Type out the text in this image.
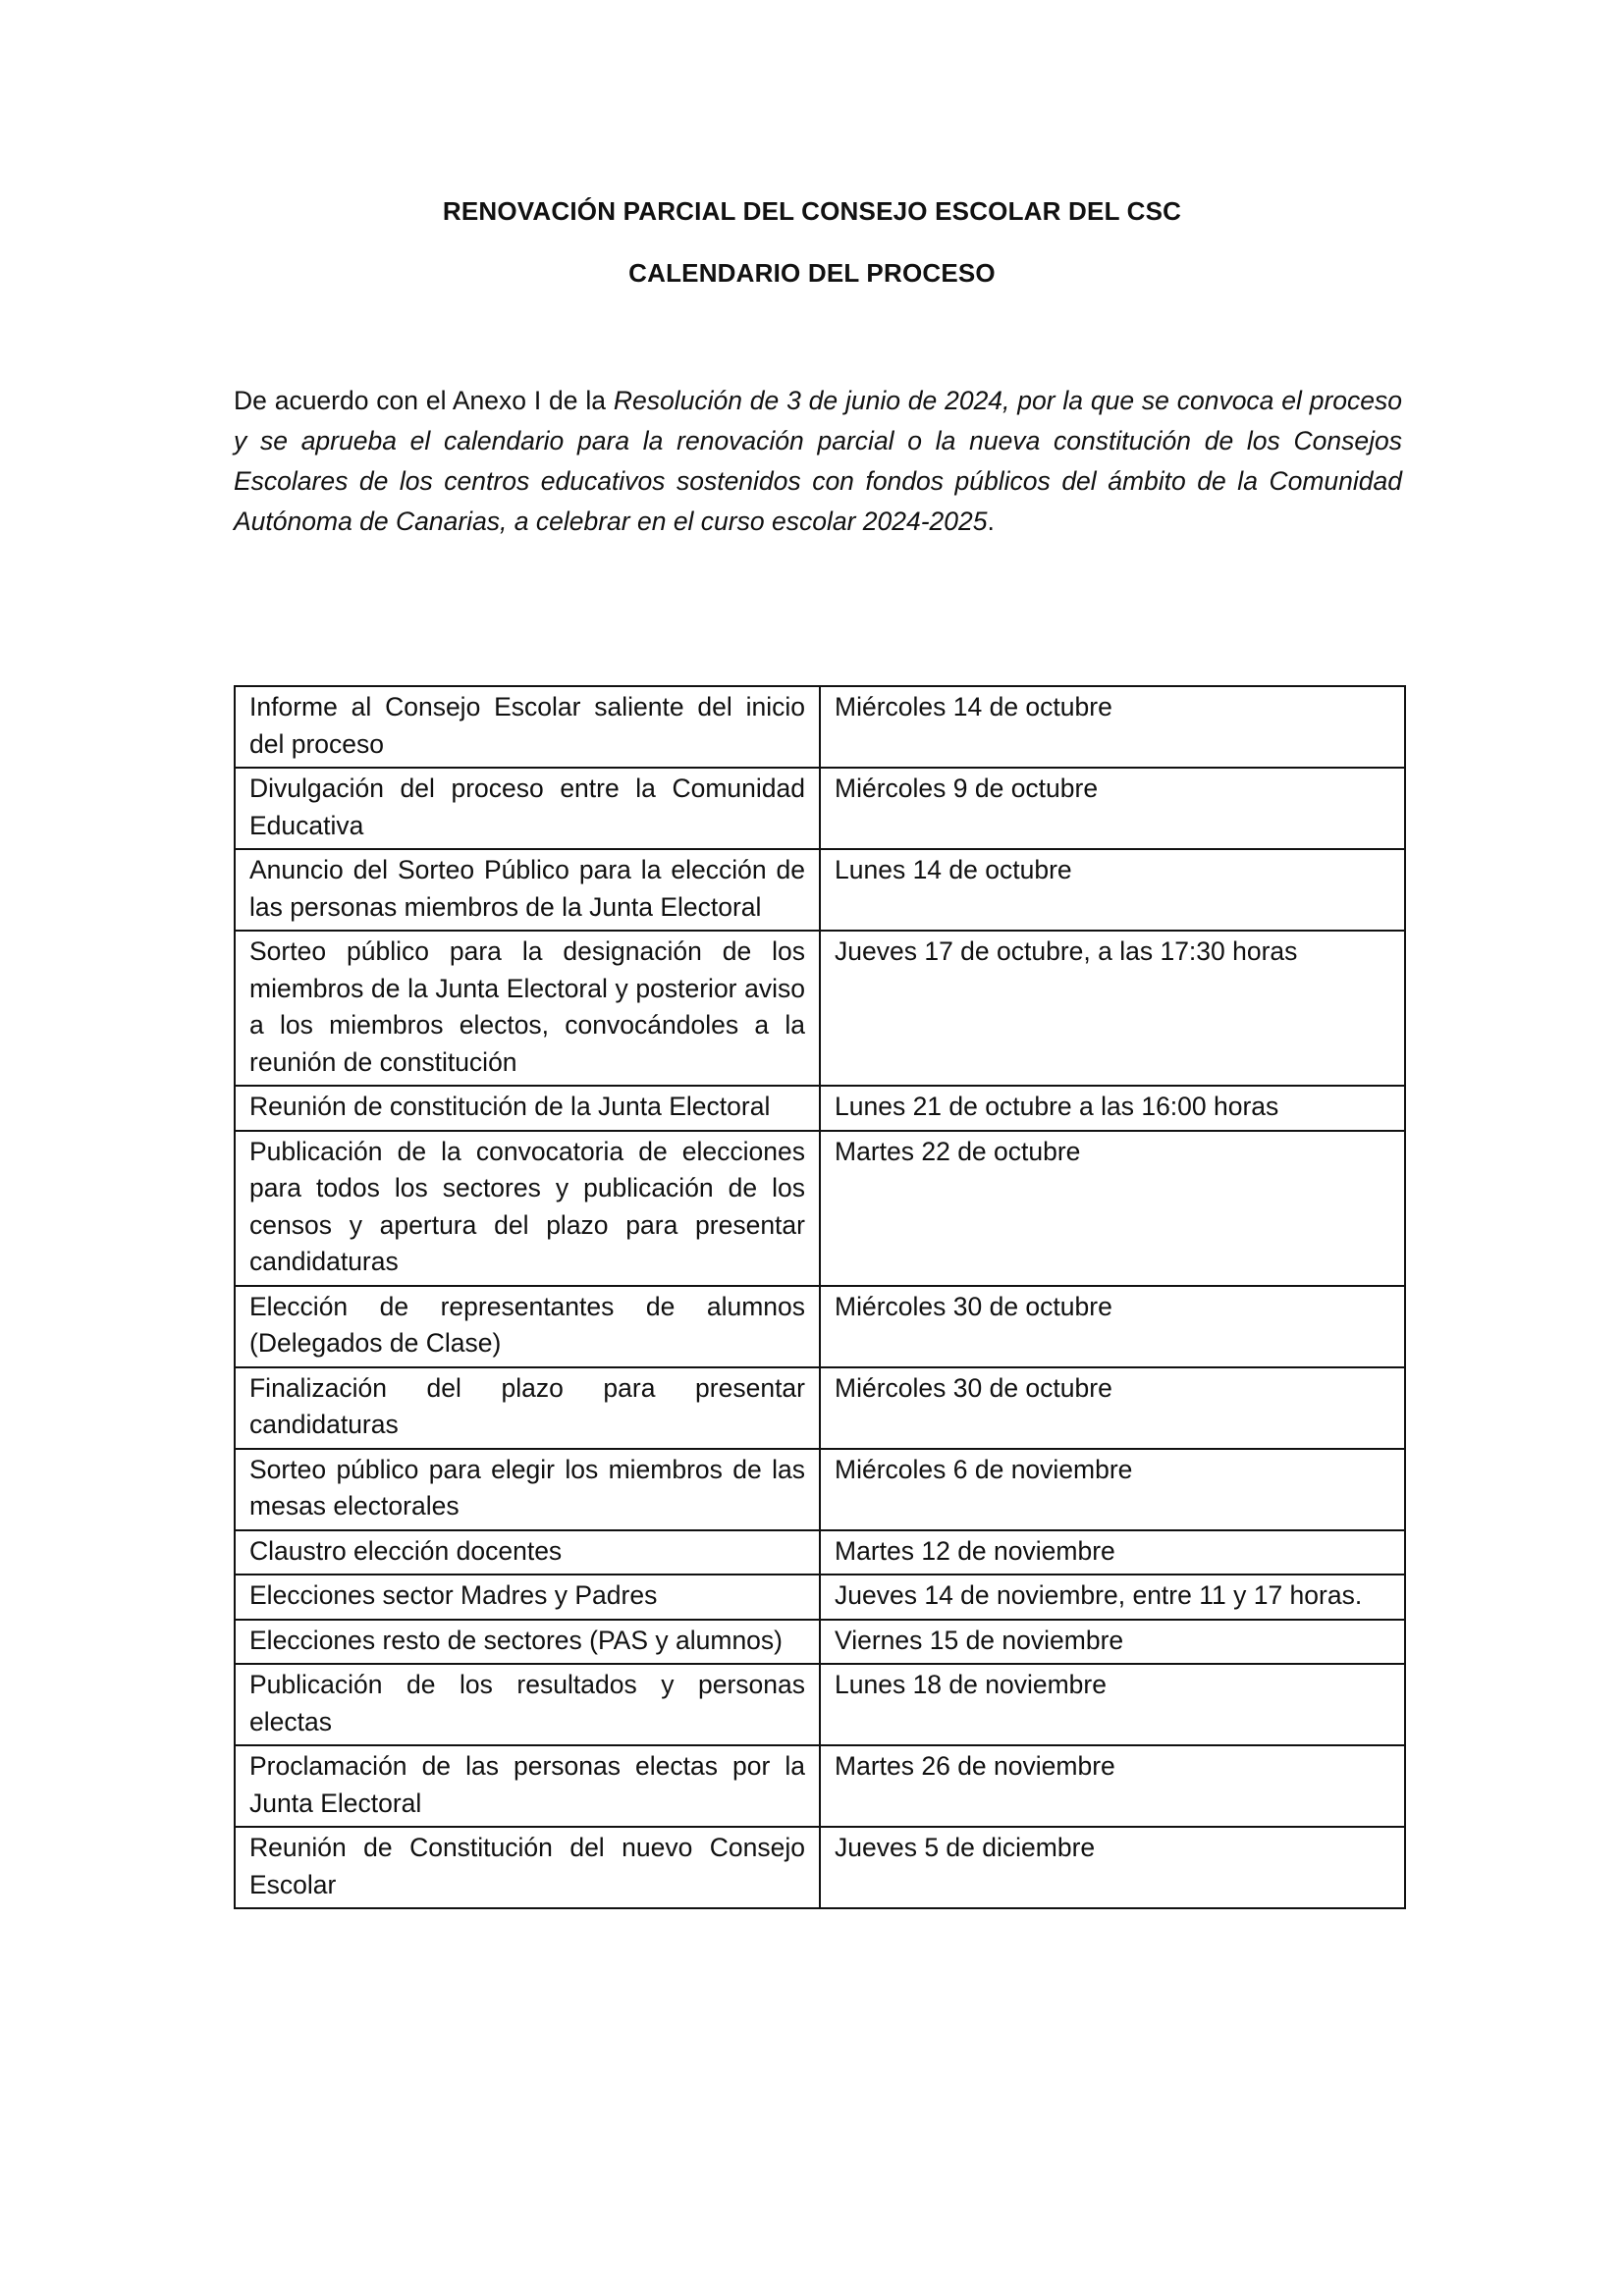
RENOVACIÓN PARCIAL DEL CONSEJO ESCOLAR DEL CSC
CALENDARIO DEL PROCESO

De acuerdo con el Anexo I de la Resolución de 3 de junio de 2024, por la que se convoca el proceso y se aprueba el calendario para la renovación parcial o la nueva constitución de los Consejos Escolares de los centros educativos sostenidos con fondos públicos del ámbito de la Comunidad Autónoma de Canarias, a celebrar en el curso escolar 2024-2025.

Informe al Consejo Escolar saliente del inicio del proceso	Miércoles 14 de octubre
Divulgación del proceso entre la Comunidad Educativa	Miércoles 9 de octubre
Anuncio del Sorteo Público para la elección de las personas miembros de la Junta Electoral	Lunes 14 de octubre
Sorteo público para la designación de los miembros de la Junta Electoral y posterior aviso a los miembros electos, convocándoles a la reunión de constitución	Jueves 17 de octubre, a las 17:30 horas
Reunión de constitución de la Junta Electoral	Lunes 21 de octubre a las 16:00 horas
Publicación de la convocatoria de elecciones para todos los sectores y publicación de los censos y apertura del plazo para presentar candidaturas	Martes 22 de octubre
Elección de representantes de alumnos (Delegados de Clase)	Miércoles 30 de octubre
Finalización del plazo para presentar candidaturas	Miércoles 30 de octubre
Sorteo público para elegir los miembros de las mesas electorales	Miércoles 6 de noviembre
Claustro elección docentes	Martes 12 de noviembre
Elecciones sector Madres y Padres	Jueves 14 de noviembre, entre 11 y 17 horas.
Elecciones resto de sectores (PAS y alumnos)	Viernes 15 de noviembre
Publicación de los resultados y personas electas	Lunes 18 de noviembre
Proclamación de las personas electas por la Junta Electoral	Martes 26 de noviembre
Reunión de Constitución del nuevo Consejo Escolar	Jueves 5 de diciembre
